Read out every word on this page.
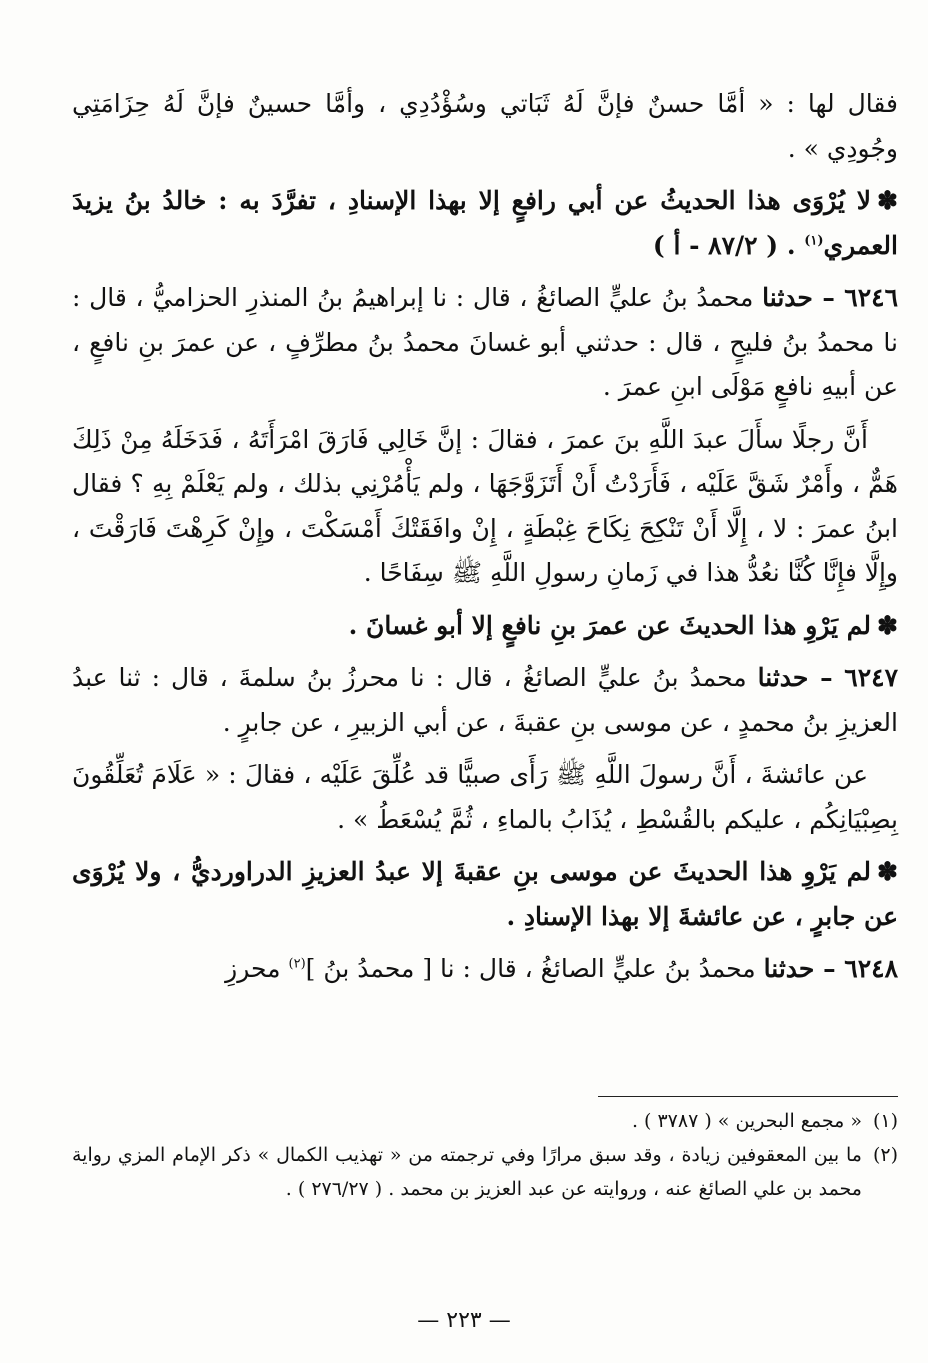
فقال لها : « أمَّا حسنٌ فإنَّ لَهُ ثَبَاتي وسُؤْدُدِي ، وأمَّا حسينٌ فإنَّ لَهُ حِزَامَتِي وجُودِي » .

✽لا يُرْوَى هذا الحديثُ عن أبي رافعٍ إلا بهذا الإسنادِ ، تفرَّدَ به : خالدُ بنُ يزيدَ العمري$^{(١)}$ . ( ٨٧/٢ - أ )

٦٢٤٦ – حدثنا محمدُ بنُ عليٍّ الصائغُ ، قال : نا إبراهيمُ بنُ المنذرِ الحزاميُّ ، قال : نا محمدُ بنُ فليحٍ ، قال : حدثني أبو غسانَ محمدُ بنُ مطرِّفٍ ، عن عمرَ بنِ نافعٍ ، عن أبيهِ نافعٍ مَوْلَى ابنِ عمرَ .

أَنَّ رجلًا سأَلَ عبدَ اللَّهِ بنَ عمرَ ، فقالَ : إنَّ خَالِي فَارَقَ امْرَأَتَهُ ، فَدَخَلَهُ مِنْ ذَلِكَ هَمٌّ ، وأَمْرٌ شَقَّ عَلَيْه ، فَأَرَدْتُ أَنْ أَتَزَوَّجَهَا ، ولم يَأْمُرْنِي بذلك ، ولم يَعْلَمْ بِهِ ؟ فقال ابنُ عمرَ : لا ، إِلَّا أَنْ تَنْكِحَ نِكَاحَ غِبْطَةٍ ، إِنْ وافَقَتْكَ أَمْسَكْتَ ، وإِنْ كَرِهْتَ فَارَقْتَ ، وإِلَّا فإِنَّا كُنَّا نعُدُّ هذا في زَمانِ رسولِ اللَّهِ ﷺ سِفَاحًا .

✽لم يَرْوِ هذا الحديثَ عن عمرَ بنِ نافعٍ إلا أبو غسانَ .

٦٢٤٧ – حدثنا محمدُ بنُ عليٍّ الصائغُ ، قال : نا محرزُ بنُ سلمةَ ، قال : ثنا عبدُ العزيزِ بنُ محمدٍ ، عن موسى بنِ عقبةَ ، عن أبي الزبيرِ ، عن جابرٍ .

عن عائشةَ ، أَنَّ رسولَ اللَّهِ ﷺ رَأَى صبيًّا قد عُلِّقَ عَلَيْه ، فقالَ : « عَلَامَ تُعَلِّقُونَ بِصِبْيَانِكُم ، عليكم بالقُسْطِ ، يُذَابُ بالماءِ ، ثُمَّ يُسْعَطُ » .

✽لم يَرْوِ هذا الحديثَ عن موسى بنِ عقبةَ إلا عبدُ العزيزِ الدراورديُّ ، ولا يُرْوَى عن جابرٍ ، عن عائشةَ إلا بهذا الإسنادِ .

٦٢٤٨ – حدثنا محمدُ بنُ عليٍّ الصائغُ ، قال : نا [ محمدُ بنُ ]$^{(٢)}$ محرزِ

(١)
« مجمع البحرين » ( ٣٧٨٧ ) .
(٢)
ما بين المعقوفين زيادة ، وقد سبق مرارًا وفي ترجمته من « تهذيب الكمال » ذكر الإمام المزي رواية محمد بن علي الصائغ عنه ، وروايته عن عبد العزيز بن محمد . ( ٢٧٦/٢٧ ) .
— ٢٢٣ —
